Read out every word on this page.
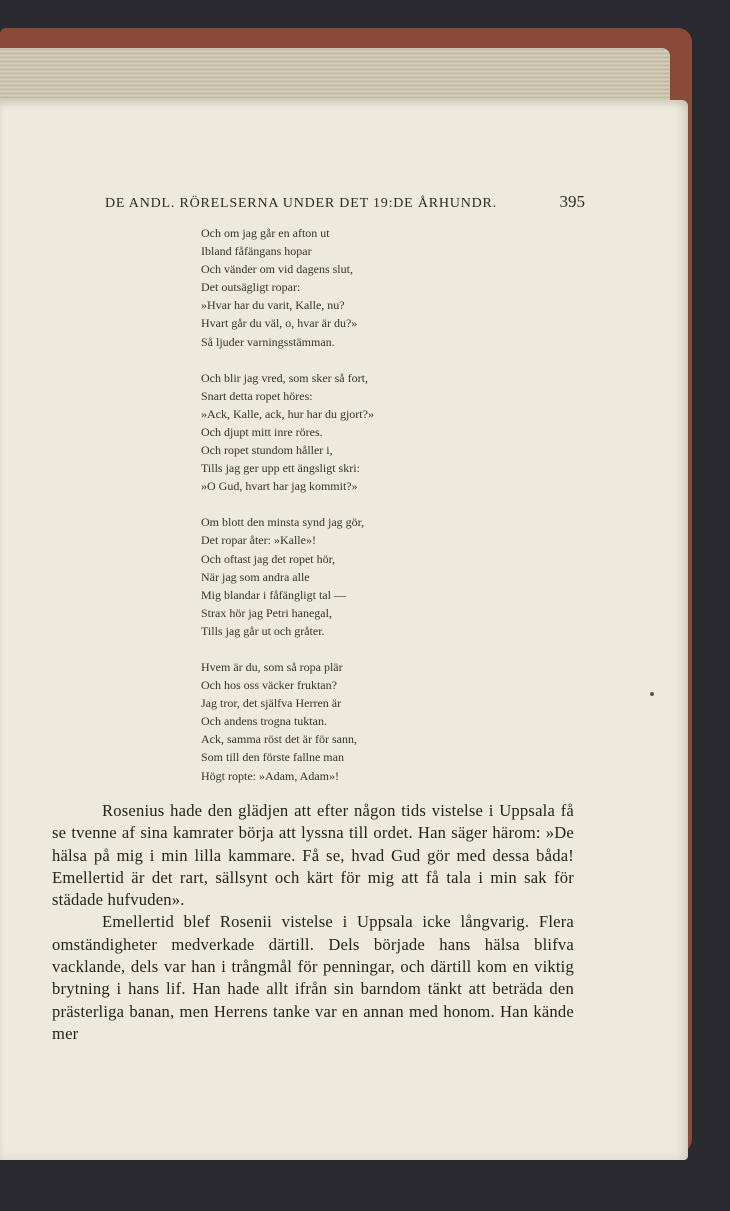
DE ANDL. RÖRELSERNA UNDER DET 19:DE ÅRHUNDR.	395
Och om jag går en afton ut
Ibland fåfängans hopar
Och vänder om vid dagens slut,
Det outsägligt ropar:
»Hvar har du varit, Kalle, nu?
Hvart går du väl, o, hvar är du?»
Så ljuder varningsstämman.
Och blir jag vred, som sker så fort,
Snart detta ropet höres:
»Ack, Kalle, ack, hur har du gjort?»
Och djupt mitt inre röres.
Och ropet stundom håller i,
Tills jag ger upp ett ängsligt skri:
»O Gud, hvart har jag kommit?»
Om blott den minsta synd jag gör,
Det ropar åter: »Kalle»!
Och oftast jag det ropet hör,
När jag som andra alle
Mig blandar i fåfängligt tal —
Strax hör jag Petri hanegal,
Tills jag går ut och gråter.
Hvem är du, som så ropa plär
Och hos oss väcker fruktan?
Jag tror, det själfva Herren är
Och andens trogna tuktan.
Ack, samma röst det är för sann,
Som till den förste fallne man
Högt ropte: »Adam, Adam»!

Rosenius hade den glädjen att efter någon tids vistelse i Uppsala få se tvenne af sina kamrater börja att lyssna till ordet. Han säger härom: »De hälsa på mig i min lilla kammare. Få se, hvad Gud gör med dessa båda! Emellertid är det rart, sällsynt och kärt för mig att få tala i min sak för städade hufvuden».

Emellertid blef Rosenii vistelse i Uppsala icke långvarig. Flera omständigheter medverkade därtill. Dels började hans hälsa blifva vacklande, dels var han i trångmål för penningar, och därtill kom en viktig brytning i hans lif. Han hade allt ifrån sin barndom tänkt att beträda den prästerliga banan, men Herrens tanke var en annan med honom. Han kände mer
